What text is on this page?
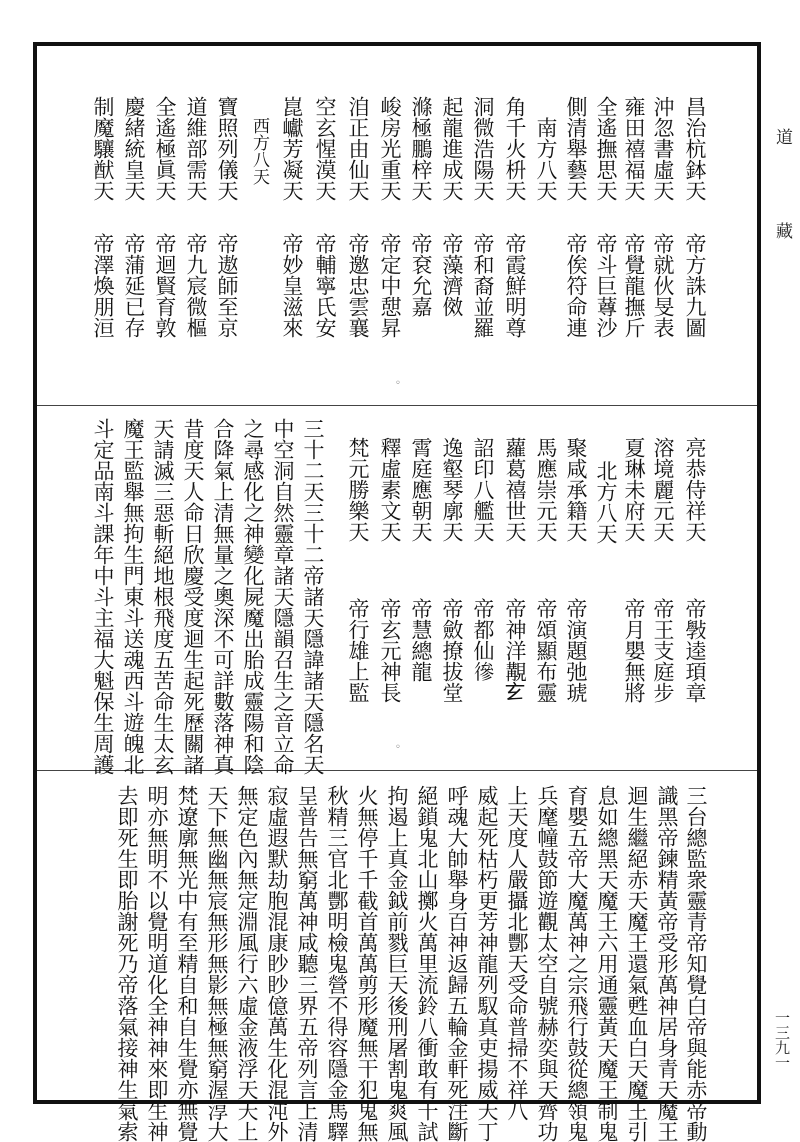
道
藏
一三九一
◦
◦
昌治杭鉢天
沖忽書虛天
雍田禧福天
全遙撫思天
側清舉藝天
南方八天
角千火枡天
洞微浩陽天
起龍進成天
滌極鵬梓天
峻房光重天
洎正由仙天
空玄惺漠天
崑巘芳凝天
西方八天
寶照列儀天
道維部需天
全遙極眞天
慶緒統皇天
制魔驤猷天
帝方誅九圖
帝就伙旻表
帝覺龍撫斤
帝斗巨䔿沙
帝俟符命連
帝霞鮮明尊
帝和裔並羅
帝藻濟傚
帝袞允嘉
帝定中憇昇
帝邀忠雲襄
帝輔寧氏安
帝妙皇滋來
帝遨師至京
帝九宸微樞
帝迴賢育敦
帝蒲延已存
帝澤煥朋洹
亮恭侍祥天
溶境麗元天
夏琳未府天
北方八天
聚咸承籍天
馬應崇元天
蘿葛禧世天
詔印八艦天
逸壑琴廓天
霄庭應朝天
釋虛素文天
梵元勝樂天
帝斅逵頊章
帝王支庭步
帝月嬰無將
帝演題弛琥
帝頌顯布靈
帝神洋覯𤣥
帝都仙𢕕
帝斂撩拔堂
帝慧總龍
帝玄元神長
帝行雄上監
三十二天三十二帝諸天隱諱諸天隱名天
中空洞自然靈章諸天隱韻召生之音立命
之尋感化之神變化屍魔出胎成靈陽和陰
合降氣上清無量之奧深不可詳數落神真
昔度天人命日欣慶受度迴生起死歷關諸
天請滅三惡斬絕地根飛度五苦命生太玄
魔王監舉無拘生門東斗送魂西斗遊魄北
斗定品南斗課年中斗主福大魁保生周護
三台總監衆靈青帝知覺白帝與能赤帝動
識黑帝鍊精黃帝受形萬神居身青天魔王
迴生繼絕赤天魔王還氣甦血白天魔王引
息如總黑天魔王六用通靈黃天魔王制鬼
育嬰五帝大魔萬神之宗飛行鼓從總領鬼
兵麾幢鼓節遊觀太空自號赫奕與天齊功
上天度人嚴攝北酆天受命普掃不祥八
威起死枯朽更芳神龍列馭真吏揚威天丁
呼魂大帥舉身百神返歸五輪金軒死注斷
絕鎖鬼北山擲火萬里流鈴八衝敢有干試
拘遏上真金鉞前戮巨天後刑屠割鬼爽風
火無停千千截首萬萬剪形魔無干犯鬼無
秋精三官北酆明檢鬼營不得容隱金馬驛
呈普告無窮萬神咸聽三界五帝列言上清
寂虛遐默劫胞混康眇眇億萬生化混沌外
無定色內無定淵風行六虛金液浮天天上
天下無幽無宸無形無影無極無窮渥淳大
梵遼廓無光中有至精自和自生覺亦無覺
明亦無明不以覺明道化全神神來即生神
去即死生即胎謝死乃帝落氣接神生氣索
